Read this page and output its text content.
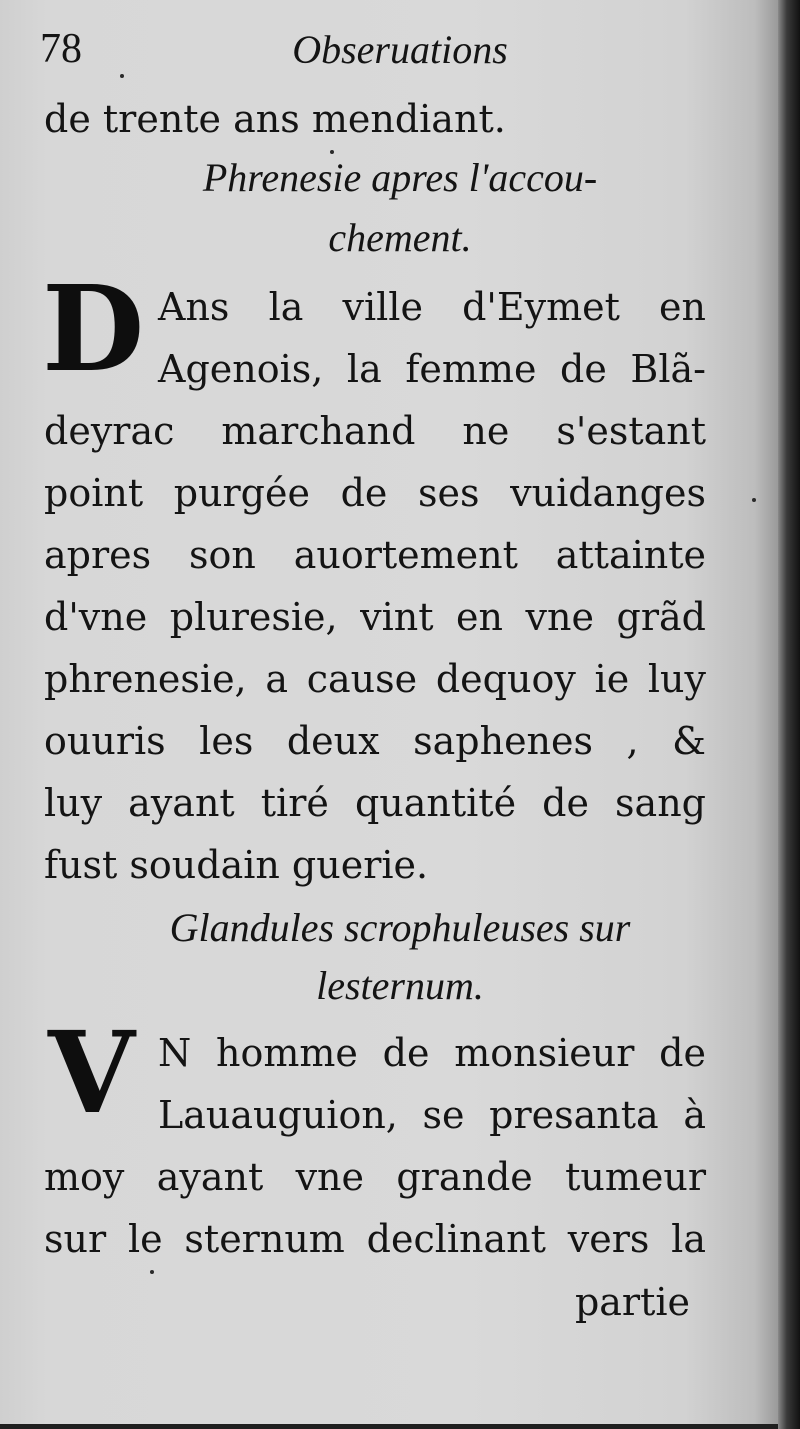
78	Obseruations
de trente ans mendiant.
Phrenesie apres l'accou-
chement.
D Ans la ville d'Eymet en
Agenois, la femme de Blã-
deyrac marchand ne s'estant
point purgée de ses vuidanges
apres son auortement attainte
d'vne pluresie, vint en vne grãd
phrenesie, a cause dequoy ie luy
ouuris les deux saphenes , &
luy ayant tiré quantité de sang
fust soudain guerie.
Glandules scrophuleuses sur
lesternum.
V N homme de monsieur de
Lauauguion, se presanta à
moy ayant vne grande tumeur
sur le sternum declinant vers la
partie
